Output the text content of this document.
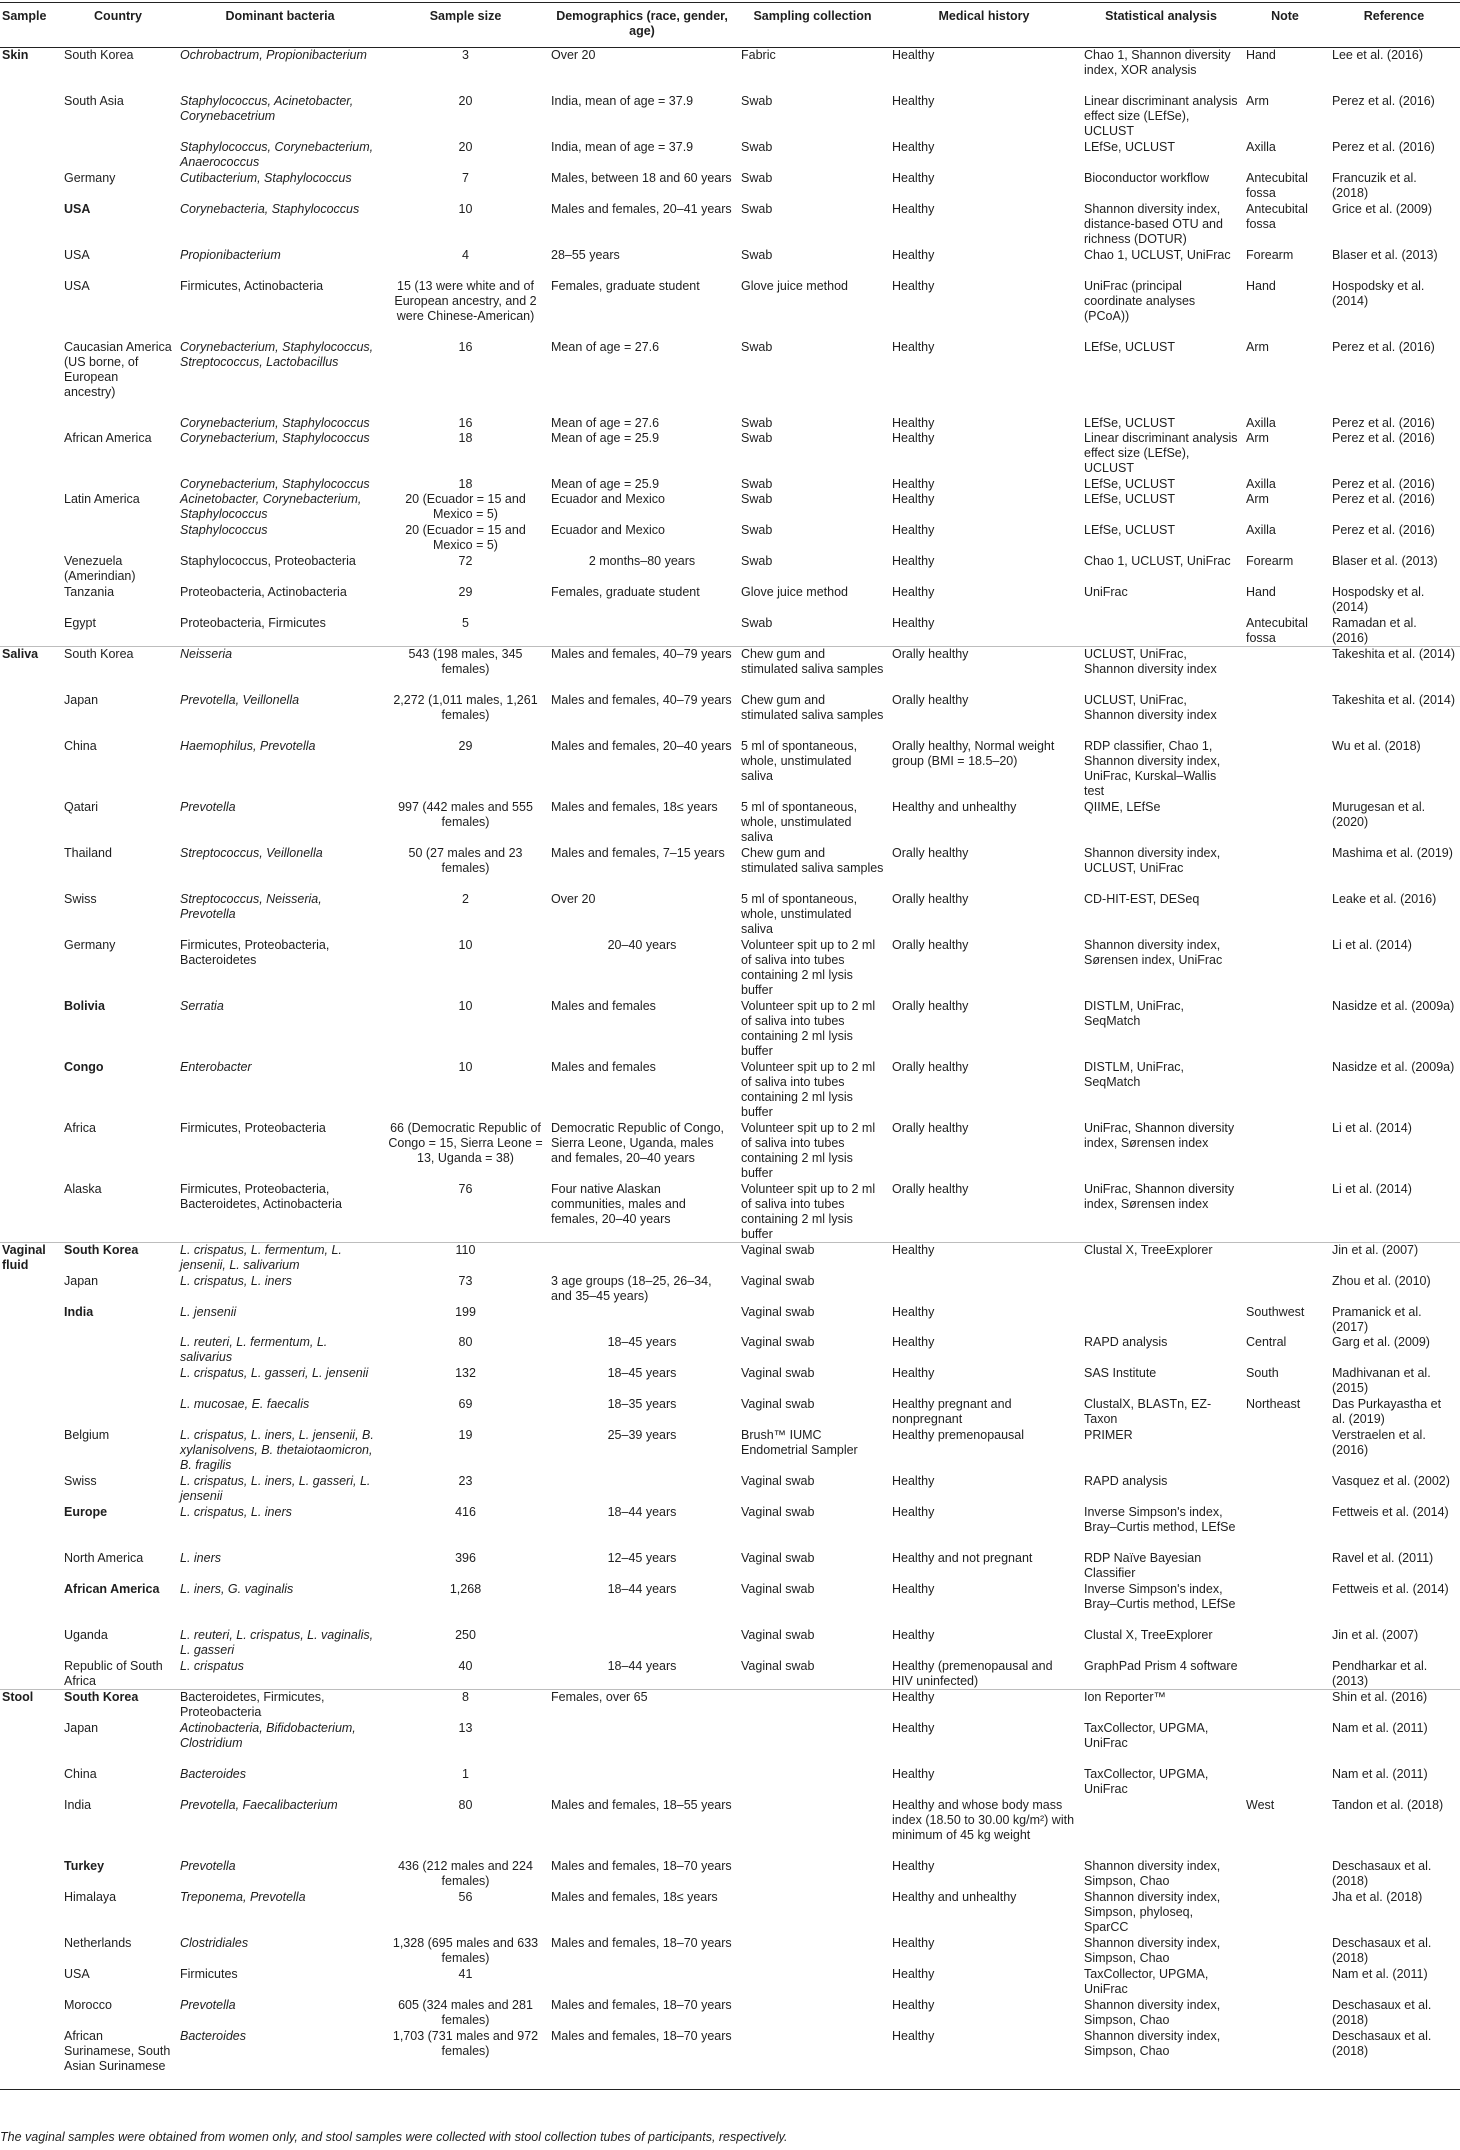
Sample	Country	Dominant bacteria	Sample size	Demographics (race, gender, age)	Sampling collection	Medical history	Statistical analysis	Note	Reference
Skin	South Korea	Ochrobactrum, Propionibacterium	3	Over 20	Fabric	Healthy	Chao 1, Shannon diversity index, XOR analysis	Hand	Lee et al. (2016)
	South Asia	Staphylococcus, Acinetobacter, Corynebacetrium	20	India, mean of age = 37.9	Swab	Healthy	Linear discriminant analysis effect size (LEfSe), UCLUST	Arm	Perez et al. (2016)
		Staphylococcus, Corynebacterium, Anaerococcus	20	India, mean of age = 37.9	Swab	Healthy	LEfSe, UCLUST	Axilla	Perez et al. (2016)
	Germany	Cutibacterium, Staphylococcus	7	Males, between 18 and 60 years	Swab	Healthy	Bioconductor workflow	Antecubital fossa	Francuzik et al. (2018)
	USA	Corynebacteria, Staphylococcus	10	Males and females, 20–41 years	Swab	Healthy	Shannon diversity index, distance-based OTU and richness (DOTUR)	Antecubital fossa	Grice et al. (2009)
	USA	Propionibacterium	4	28–55 years	Swab	Healthy	Chao 1, UCLUST, UniFrac	Forearm	Blaser et al. (2013)
	USA	Firmicutes, Actinobacteria	15 (13 were white and of European ancestry, and 2 were Chinese-American)	Females, graduate student	Glove juice method	Healthy	UniFrac (principal coordinate analyses (PCoA))	Hand	Hospodsky et al. (2014)
	Caucasian America (US borne, of European ancestry)	Corynebacterium, Staphylococcus, Streptococcus, Lactobacillus	16	Mean of age = 27.6	Swab	Healthy	LEfSe, UCLUST	Arm	Perez et al. (2016)
		Corynebacterium, Staphylococcus	16	Mean of age = 27.6	Swab	Healthy	LEfSe, UCLUST	Axilla	Perez et al. (2016)
	African America	Corynebacterium, Staphylococcus	18	Mean of age = 25.9	Swab	Healthy	Linear discriminant analysis effect size (LEfSe), UCLUST	Arm	Perez et al. (2016)
		Corynebacterium, Staphylococcus	18	Mean of age = 25.9	Swab	Healthy	LEfSe, UCLUST	Axilla	Perez et al. (2016)
	Latin America	Acinetobacter, Corynebacterium, Staphylococcus	20 (Ecuador = 15 and Mexico = 5)	Ecuador and Mexico	Swab	Healthy	LEfSe, UCLUST	Arm	Perez et al. (2016)
		Staphylococcus	20 (Ecuador = 15 and Mexico = 5)	Ecuador and Mexico	Swab	Healthy	LEfSe, UCLUST	Axilla	Perez et al. (2016)
	Venezuela (Amerindian)	Staphylococcus, Proteobacteria	72	2 months–80 years	Swab	Healthy	Chao 1, UCLUST, UniFrac	Forearm	Blaser et al. (2013)
	Tanzania	Proteobacteria, Actinobacteria	29	Females, graduate student	Glove juice method	Healthy	UniFrac	Hand	Hospodsky et al. (2014)
	Egypt	Proteobacteria, Firmicutes	5		Swab	Healthy		Antecubital fossa	Ramadan et al. (2016)
Saliva	South Korea	Neisseria	543 (198 males, 345 females)	Males and females, 40–79 years	Chew gum and stimulated saliva samples	Orally healthy	UCLUST, UniFrac, Shannon diversity index		Takeshita et al. (2014)
	Japan	Prevotella, Veillonella	2,272 (1,011 males, 1,261 females)	Males and females, 40–79 years	Chew gum and stimulated saliva samples	Orally healthy	UCLUST, UniFrac, Shannon diversity index		Takeshita et al. (2014)
	China	Haemophilus, Prevotella	29	Males and females, 20–40 years	5 ml of spontaneous, whole, unstimulated saliva	Orally healthy, Normal weight group (BMI = 18.5–20)	RDP classifier, Chao 1, Shannon diversity index, UniFrac, Kurskal–Wallis test		Wu et al. (2018)
	Qatari	Prevotella	997 (442 males and 555 females)	Males and females, 18≤ years	5 ml of spontaneous, whole, unstimulated saliva	Healthy and unhealthy	QIIME, LEfSe		Murugesan et al. (2020)
	Thailand	Streptococcus, Veillonella	50 (27 males and 23 females)	Males and females, 7–15 years	Chew gum and stimulated saliva samples	Orally healthy	Shannon diversity index, UCLUST, UniFrac		Mashima et al. (2019)
	Swiss	Streptococcus, Neisseria, Prevotella	2	Over 20	5 ml of spontaneous, whole, unstimulated saliva	Orally healthy	CD-HIT-EST, DESeq		Leake et al. (2016)
	Germany	Firmicutes, Proteobacteria, Bacteroidetes	10	20–40 years	Volunteer spit up to 2 ml of saliva into tubes containing 2 ml lysis buffer	Orally healthy	Shannon diversity index, Sørensen index, UniFrac		Li et al. (2014)
	Bolivia	Serratia	10	Males and females	Volunteer spit up to 2 ml of saliva into tubes containing 2 ml lysis buffer	Orally healthy	DISTLM, UniFrac, SeqMatch		Nasidze et al. (2009a)
	Congo	Enterobacter	10	Males and females	Volunteer spit up to 2 ml of saliva into tubes containing 2 ml lysis buffer	Orally healthy	DISTLM, UniFrac, SeqMatch		Nasidze et al. (2009a)
	Africa	Firmicutes, Proteobacteria	66 (Democratic Republic of Congo = 15, Sierra Leone = 13, Uganda = 38)	Democratic Republic of Congo, Sierra Leone, Uganda, males and females, 20–40 years	Volunteer spit up to 2 ml of saliva into tubes containing 2 ml lysis buffer	Orally healthy	UniFrac, Shannon diversity index, Sørensen index		Li et al. (2014)
	Alaska	Firmicutes, Proteobacteria, Bacteroidetes, Actinobacteria	76	Four native Alaskan communities, males and females, 20–40 years	Volunteer spit up to 2 ml of saliva into tubes containing 2 ml lysis buffer	Orally healthy	UniFrac, Shannon diversity index, Sørensen index		Li et al. (2014)
Vaginal fluid	South Korea	L. crispatus, L. fermentum, L. jensenii, L. salivarium	110		Vaginal swab	Healthy	Clustal X, TreeExplorer		Jin et al. (2007)
	Japan	L. crispatus, L. iners	73	3 age groups (18–25, 26–34, and 35–45 years)	Vaginal swab				Zhou et al. (2010)
	India	L. jensenii	199		Vaginal swab	Healthy		Southwest	Pramanick et al. (2017)
		L. reuteri, L. fermentum, L. salivarius	80	18–45 years	Vaginal swab	Healthy	RAPD analysis	Central	Garg et al. (2009)
		L. crispatus, L. gasseri, L. jensenii	132	18–45 years	Vaginal swab	Healthy	SAS Institute	South	Madhivanan et al. (2015)
		L. mucosae, E. faecalis	69	18–35 years	Vaginal swab	Healthy pregnant and nonpregnant	ClustalX, BLASTn, EZ-Taxon	Northeast	Das Purkayastha et al. (2019)
	Belgium	L. crispatus, L. iners, L. jensenii, B. xylanisolvens, B. thetaiotaomicron, B. fragilis	19	25–39 years	Brush™ IUMC Endometrial Sampler	Healthy premenopausal	PRIMER		Verstraelen et al. (2016)
	Swiss	L. crispatus, L. iners, L. gasseri, L. jensenii	23		Vaginal swab	Healthy	RAPD analysis		Vasquez et al. (2002)
	Europe	L. crispatus, L. iners	416	18–44 years	Vaginal swab	Healthy	Inverse Simpson's index, Bray–Curtis method, LEfSe		Fettweis et al. (2014)
	North America	L. iners	396	12–45 years	Vaginal swab	Healthy and not pregnant	RDP Naïve Bayesian Classifier		Ravel et al. (2011)
	African America	L. iners, G. vaginalis	1,268	18–44 years	Vaginal swab	Healthy	Inverse Simpson's index, Bray–Curtis method, LEfSe		Fettweis et al. (2014)
	Uganda	L. reuteri, L. crispatus, L. vaginalis, L. gasseri	250		Vaginal swab	Healthy	Clustal X, TreeExplorer		Jin et al. (2007)
	Republic of South Africa	L. crispatus	40	18–44 years	Vaginal swab	Healthy (premenopausal and HIV uninfected)	GraphPad Prism 4 software		Pendharkar et al. (2013)
Stool	South Korea	Bacteroidetes, Firmicutes, Proteobacteria	8	Females, over 65		Healthy	Ion Reporter™		Shin et al. (2016)
	Japan	Actinobacteria, Bifidobacterium, Clostridium	13			Healthy	TaxCollector, UPGMA, UniFrac		Nam et al. (2011)
	China	Bacteroides	1			Healthy	TaxCollector, UPGMA, UniFrac		Nam et al. (2011)
	India	Prevotella, Faecalibacterium	80	Males and females, 18–55 years		Healthy and whose body mass index (18.50 to 30.00 kg/m²) with minimum of 45 kg weight		West	Tandon et al. (2018)
	Turkey	Prevotella	436 (212 males and 224 females)	Males and females, 18–70 years		Healthy	Shannon diversity index, Simpson, Chao		Deschasaux et al. (2018)
	Himalaya	Treponema, Prevotella	56	Males and females, 18≤ years		Healthy and unhealthy	Shannon diversity index, Simpson, phyloseq, SparCC		Jha et al. (2018)
	Netherlands	Clostridiales	1,328 (695 males and 633 females)	Males and females, 18–70 years		Healthy	Shannon diversity index, Simpson, Chao		Deschasaux et al. (2018)
	USA	Firmicutes	41			Healthy	TaxCollector, UPGMA, UniFrac		Nam et al. (2011)
	Morocco	Prevotella	605 (324 males and 281 females)	Males and females, 18–70 years		Healthy	Shannon diversity index, Simpson, Chao		Deschasaux et al. (2018)
	African Surinamese, South Asian Surinamese	Bacteroides	1,703 (731 males and 972 females)	Males and females, 18–70 years		Healthy	Shannon diversity index, Simpson, Chao		Deschasaux et al. (2018)
The vaginal samples were obtained from women only, and stool samples were collected with stool collection tubes of participants, respectively.
